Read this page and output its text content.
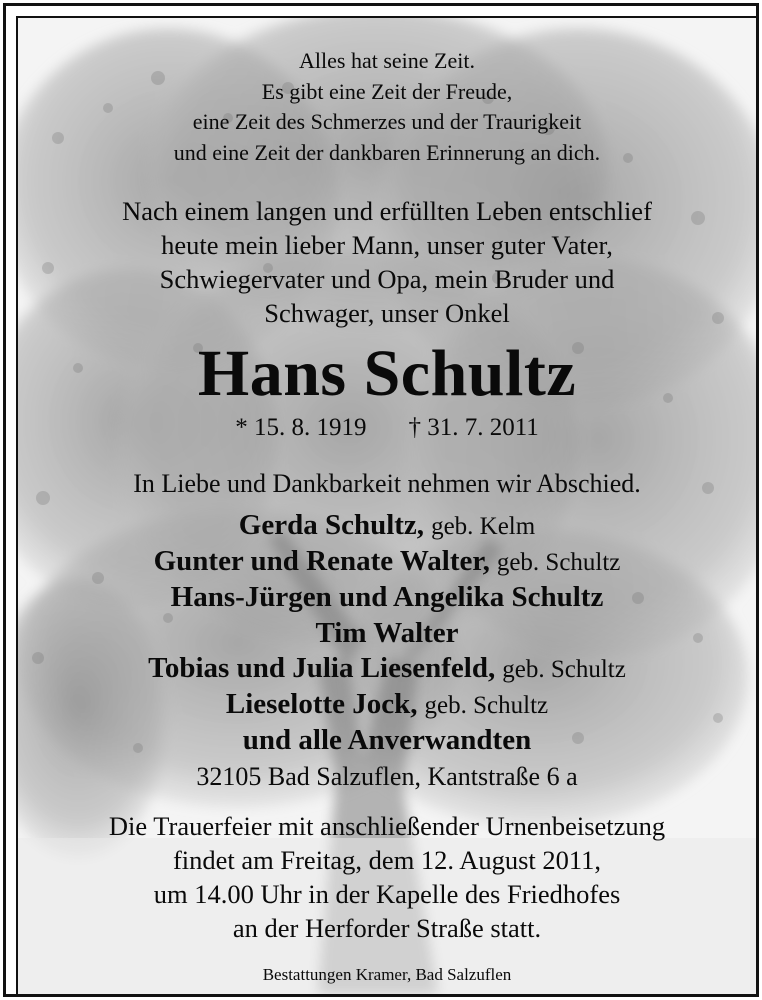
Alles hat seine Zeit.
Es gibt eine Zeit der Freude,
eine Zeit des Schmerzes und der Traurigkeit
und eine Zeit der dankbaren Erinnerung an dich.
Nach einem langen und erfüllten Leben entschlief
heute mein lieber Mann, unser guter Vater,
Schwiegervater und Opa, mein Bruder und
Schwager, unser Onkel
Hans Schultz
* 15. 8. 1919 † 31. 7. 2011
In Liebe und Dankbarkeit nehmen wir Abschied.
Gerda Schultz, geb. Kelm
Gunter und Renate Walter, geb. Schultz
Hans-Jürgen und Angelika Schultz
Tim Walter
Tobias und Julia Liesenfeld, geb. Schultz
Lieselotte Jock, geb. Schultz
und alle Anverwandten
32105 Bad Salzuflen, Kantstraße 6 a
Die Trauerfeier mit anschließender Urnenbeisetzung
findet am Freitag, dem 12. August 2011,
um 14.00 Uhr in der Kapelle des Friedhofes
an der Herforder Straße statt.
Bestattungen Kramer, Bad Salzuflen
